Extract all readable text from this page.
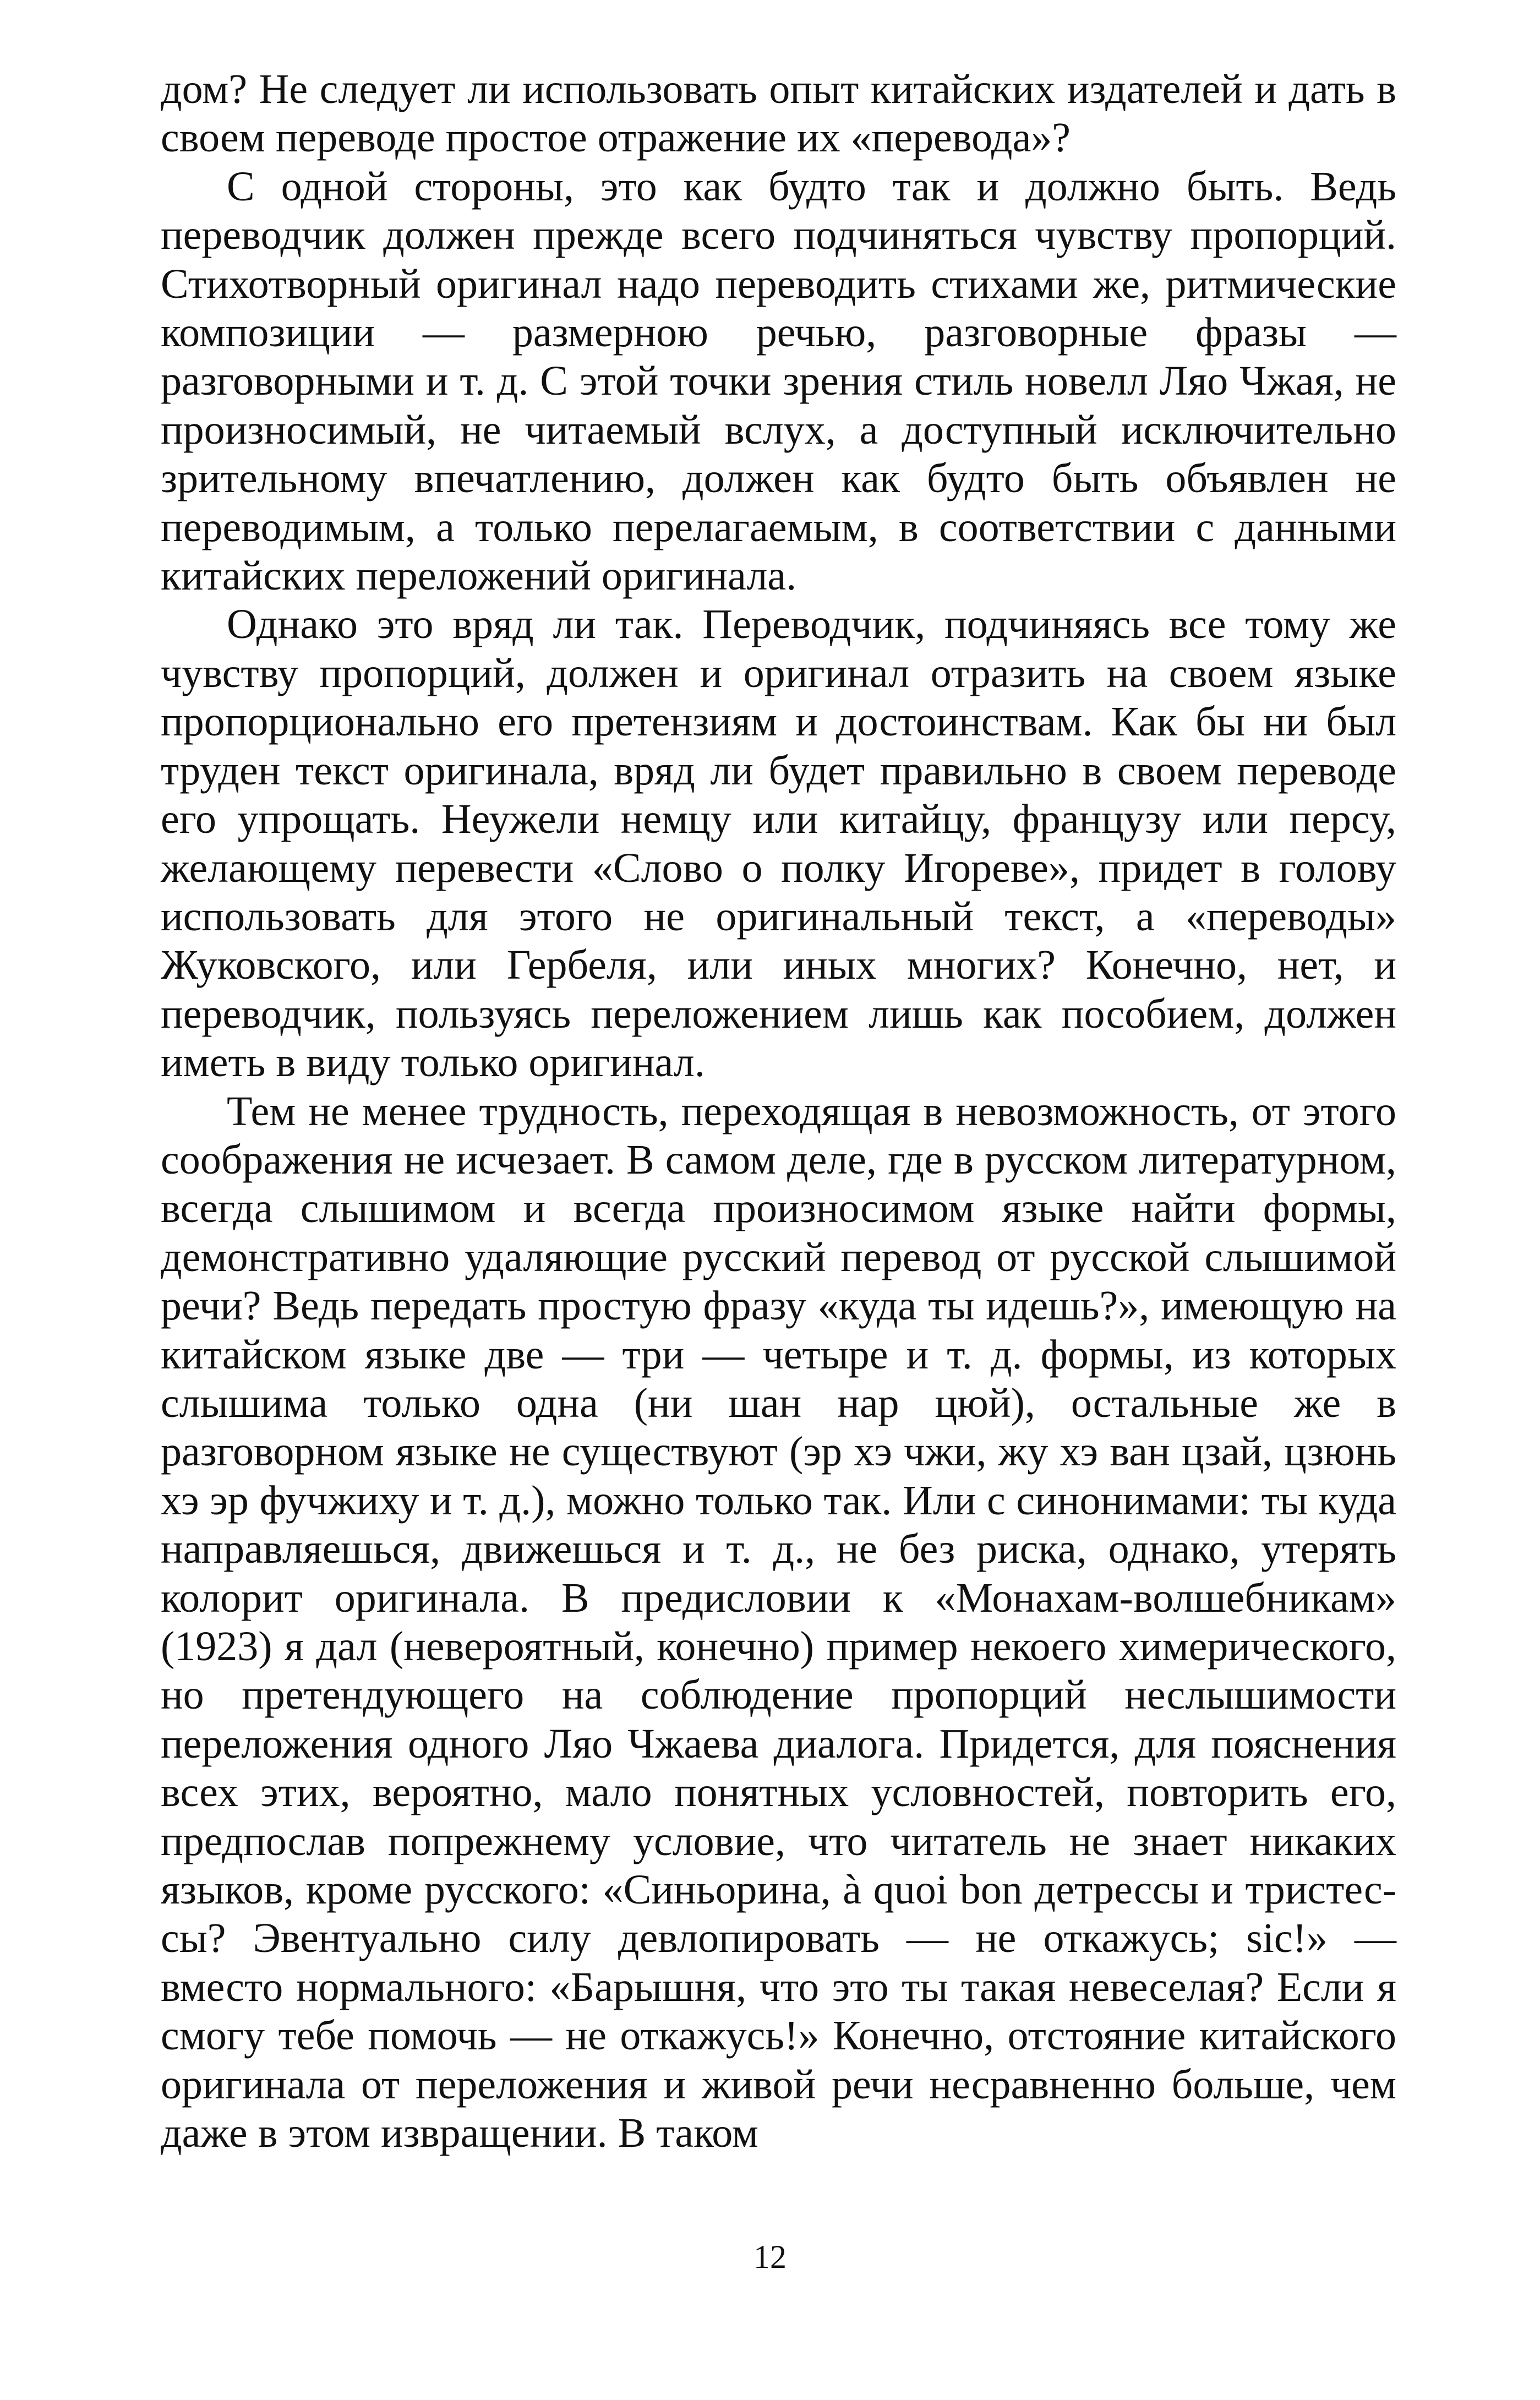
дом? Не следует ли использовать опыт китайских издателей и дать в своем переводе простое отражение их «перевода»?

С одной стороны, это как будто так и должно быть. Ведь переводчик должен прежде всего подчиняться чувству пропорций. Стихотворный оригинал надо переводить стихами же, ритмические композиции — размерною речью, разговорные фразы — разговорными и т. д. С этой точки зрения стиль новелл Ляо Чжая, не произносимый, не читаемый вслух, а доступный исключительно зрительному впечатлению, должен как будто быть объявлен не переводимым, а только перелагаемым, в соответствии с данными китайских переложений оригинала.

Однако это вряд ли так. Переводчик, подчиняясь все тому же чувству пропорций, должен и оригинал отразить на своем языке пропорционально его претензиям и достоинствам. Как бы ни был труден текст оригинала, вряд ли будет правильно в своем переводе его упрощать. Неужели немцу или китайцу, французу или персу, желающему перевести «Слово о полку Игореве», придет в голову использовать для этого не оригинальный текст, а «переводы» Жуковского, или Гербеля, или иных многих? Конечно, нет, и переводчик, пользуясь переложением лишь как пособием, должен иметь в виду только оригинал.

Тем не менее трудность, переходящая в невозможность, от этого соображения не исчезает. В самом деле, где в русском литературном, всегда слышимом и всегда произносимом языке найти формы, демонстративно удаляющие русский перевод от русской слышимой речи? Ведь передать простую фразу «куда ты идешь?», имеющую на китайском языке две — три — четыре и т. д. формы, из которых слышима только одна (ни шан нар цюй), остальные же в разговорном языке не существуют (эр хэ чжи, жу хэ ван цзай, цзюнь хэ эр фучжиху и т. д.), можно только так. Или с синонимами: ты куда направляешься, движешься и т. д., не без риска, однако, утерять колорит оригинала. В предисловии к «Монахам-волшебникам» (1923) я дал (невероятный, конечно) пример некоего химерического, но претендующего на соблюдение пропорций неслышимости переложения одного Ляо Чжаева диалога. Придется, для пояснения всех этих, вероятно, мало понятных условностей, повторить его, предпослав попрежнему условие, что читатель не знает никаких языков, кроме русского: «Синьорина, à quoi bon детрессы и тристессы? Эвентуально силу девлопировать — не откажусь; sic!» — вместо нормального: «Барышня, что это ты такая невеселая? Если я смогу тебе помочь — не откажусь!» Конечно, отстояние китайского оригинала от переложения и живой речи несравненно больше, чем даже в этом извращении. В таком

12
